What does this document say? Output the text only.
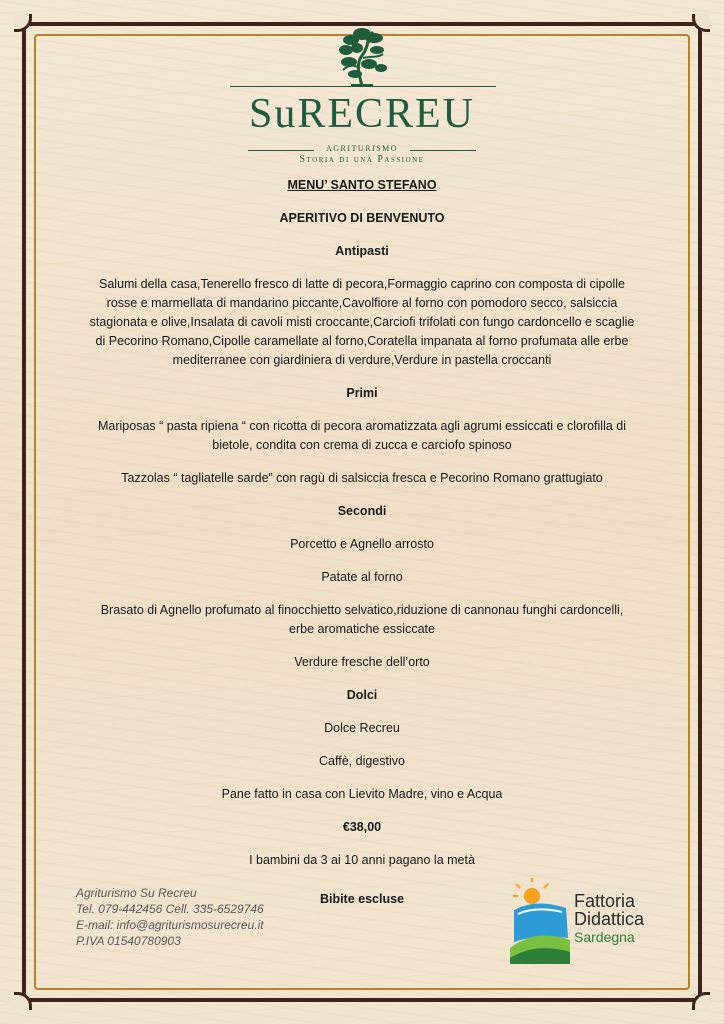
SuRECREU
AGRITURISMO
Storia di una Passione

MENU’ SANTO STEFANO

APERITIVO DI BENVENUTO

Antipasti

Salumi della casa,Tenerello fresco di latte di pecora,Formaggio caprino con composta di cipolle

rosse e marmellata di mandarino piccante,Cavolfiore al forno con pomodoro secco, salsiccia

stagionata e olive,Insalata di cavoli misti croccante,Carciofi trifolati con fungo cardoncello e scaglie

di Pecorino Romano,Cipolle caramellate al forno,Coratella impanata al forno profumata alle erbe

mediterranee con giardiniera di verdure,Verdure in pastella croccanti

Primi

Mariposas “ pasta ripiena “ con ricotta di pecora aromatizzata agli agrumi essiccati e clorofilla di

bietole, condita con crema di zucca e carciofo spinoso

Tazzolas “ tagliatelle sarde” con ragù di salsiccia fresca e Pecorino Romano grattugiato

Secondi

Porcetto e Agnello arrosto

Patate al forno

Brasato di Agnello profumato al finocchietto selvatico,riduzione di cannonau funghi cardoncelli,

erbe aromatiche essiccate

Verdure fresche dell’orto

Dolci

Dolce Recreu

Caffè, digestivo

Pane fatto in casa con Lievito Madre, vino e Acqua

€38,00

I bambini da 3 ai 10 anni pagano la metà

Bibite escluse
Agriturismo Su Recreu
Tel. 079-442456 Cell. 335-6529746
E-mail: info@agriturismosurecreu.it
P.IVA 01540780903
Fattoria
Didattica
Sardegna
